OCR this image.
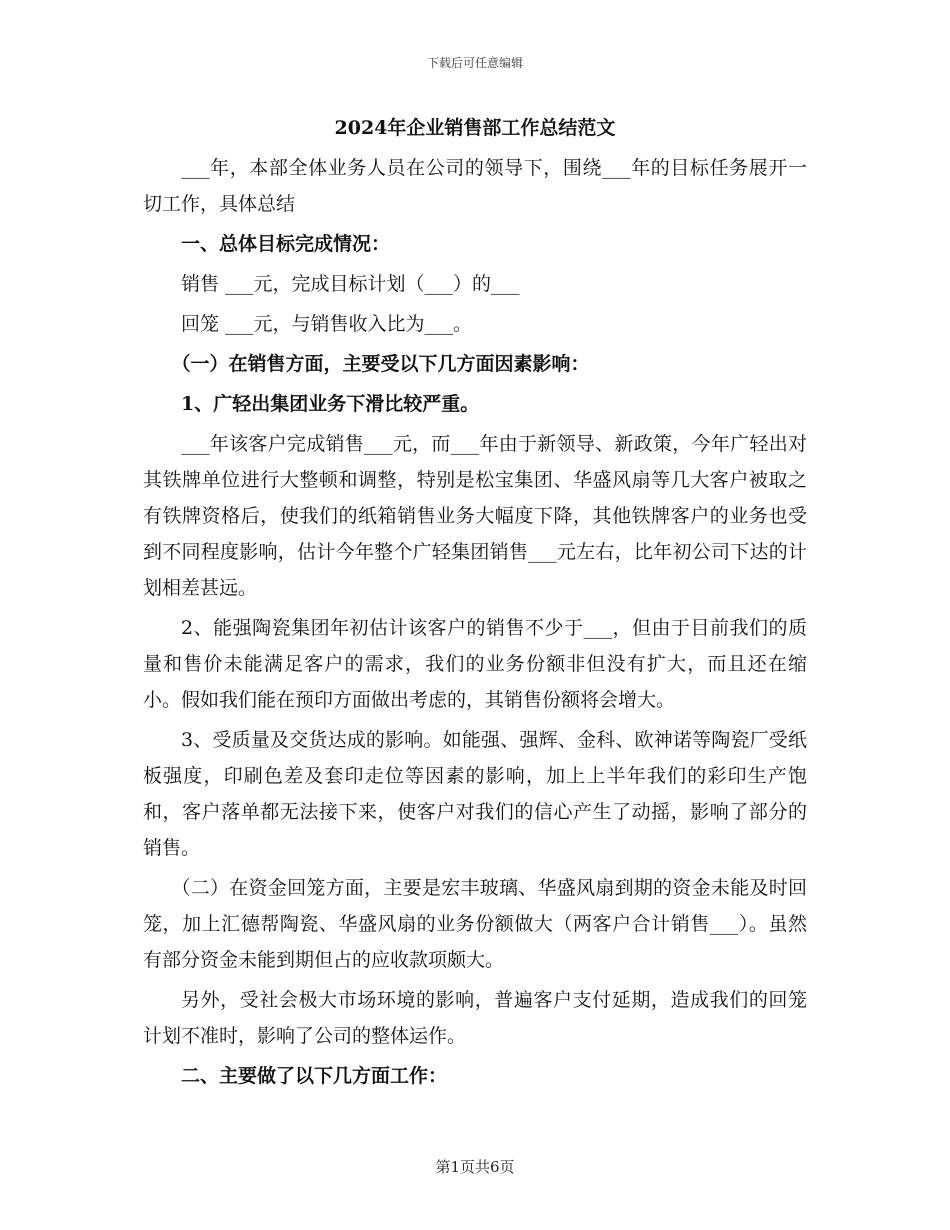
下载后可任意编辑
2024年企业销售部工作总结范文

___年，本部全体业务人员在公司的领导下，围绕___年的目标任务展开一切工作，具体总结

一、总体目标完成情况：

销售 ___元，完成目标计划（___）的___

回笼 ___元，与销售收入比为___。

（一）在销售方面，主要受以下几方面因素影响：

1、广轻出集团业务下滑比较严重。

___年该客户完成销售___元，而___年由于新领导、新政策，今年广轻出对其铁牌单位进行大整顿和调整，特别是松宝集团、华盛风扇等几大客户被取之有铁牌资格后，使我们的纸箱销售业务大幅度下降，其他铁牌客户的业务也受到不同程度影响，估计今年整个广轻集团销售___元左右，比年初公司下达的计划相差甚远。

2、能强陶瓷集团年初估计该客户的销售不少于___，但由于目前我们的质量和售价未能满足客户的需求，我们的业务份额非但没有扩大，而且还在缩小。假如我们能在预印方面做出考虑的，其销售份额将会增大。

3、受质量及交货达成的影响。如能强、强辉、金科、欧神诺等陶瓷厂受纸板强度，印刷色差及套印走位等因素的影响，加上上半年我们的彩印生产饱和，客户落单都无法接下来，使客户对我们的信心产生了动摇，影响了部分的销售。

（二）在资金回笼方面，主要是宏丰玻璃、华盛风扇到期的资金未能及时回笼，加上汇德帮陶瓷、华盛风扇的业务份额做大（两客户合计销售___）。虽然有部分资金未能到期但占的应收款项颇大。

另外，受社会极大市场环境的影响，普遍客户支付延期，造成我们的回笼计划不准时，影响了公司的整体运作。

二、主要做了以下几方面工作：

第1页共6页
